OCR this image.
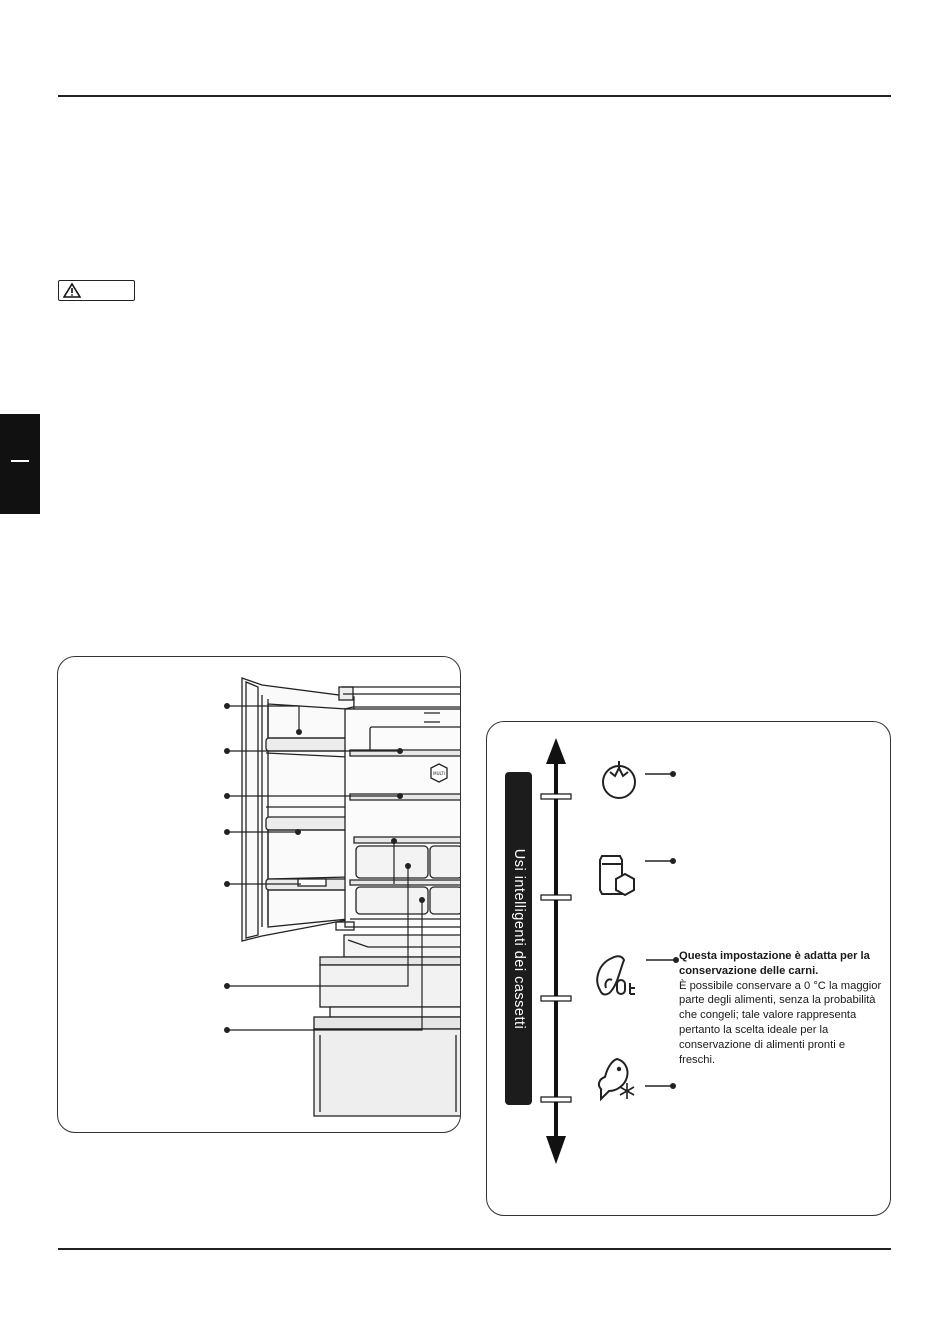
MULTI
Usi intelligenti dei cassetti	Questa impostazione è adatta per la conservazione delle carni.
È possibile conservare a 0 °C la maggior parte degli alimenti, senza la probabilità che congeli; tale valore rappresenta pertanto la scelta ideale per la conservazione di alimenti pronti e freschi.
